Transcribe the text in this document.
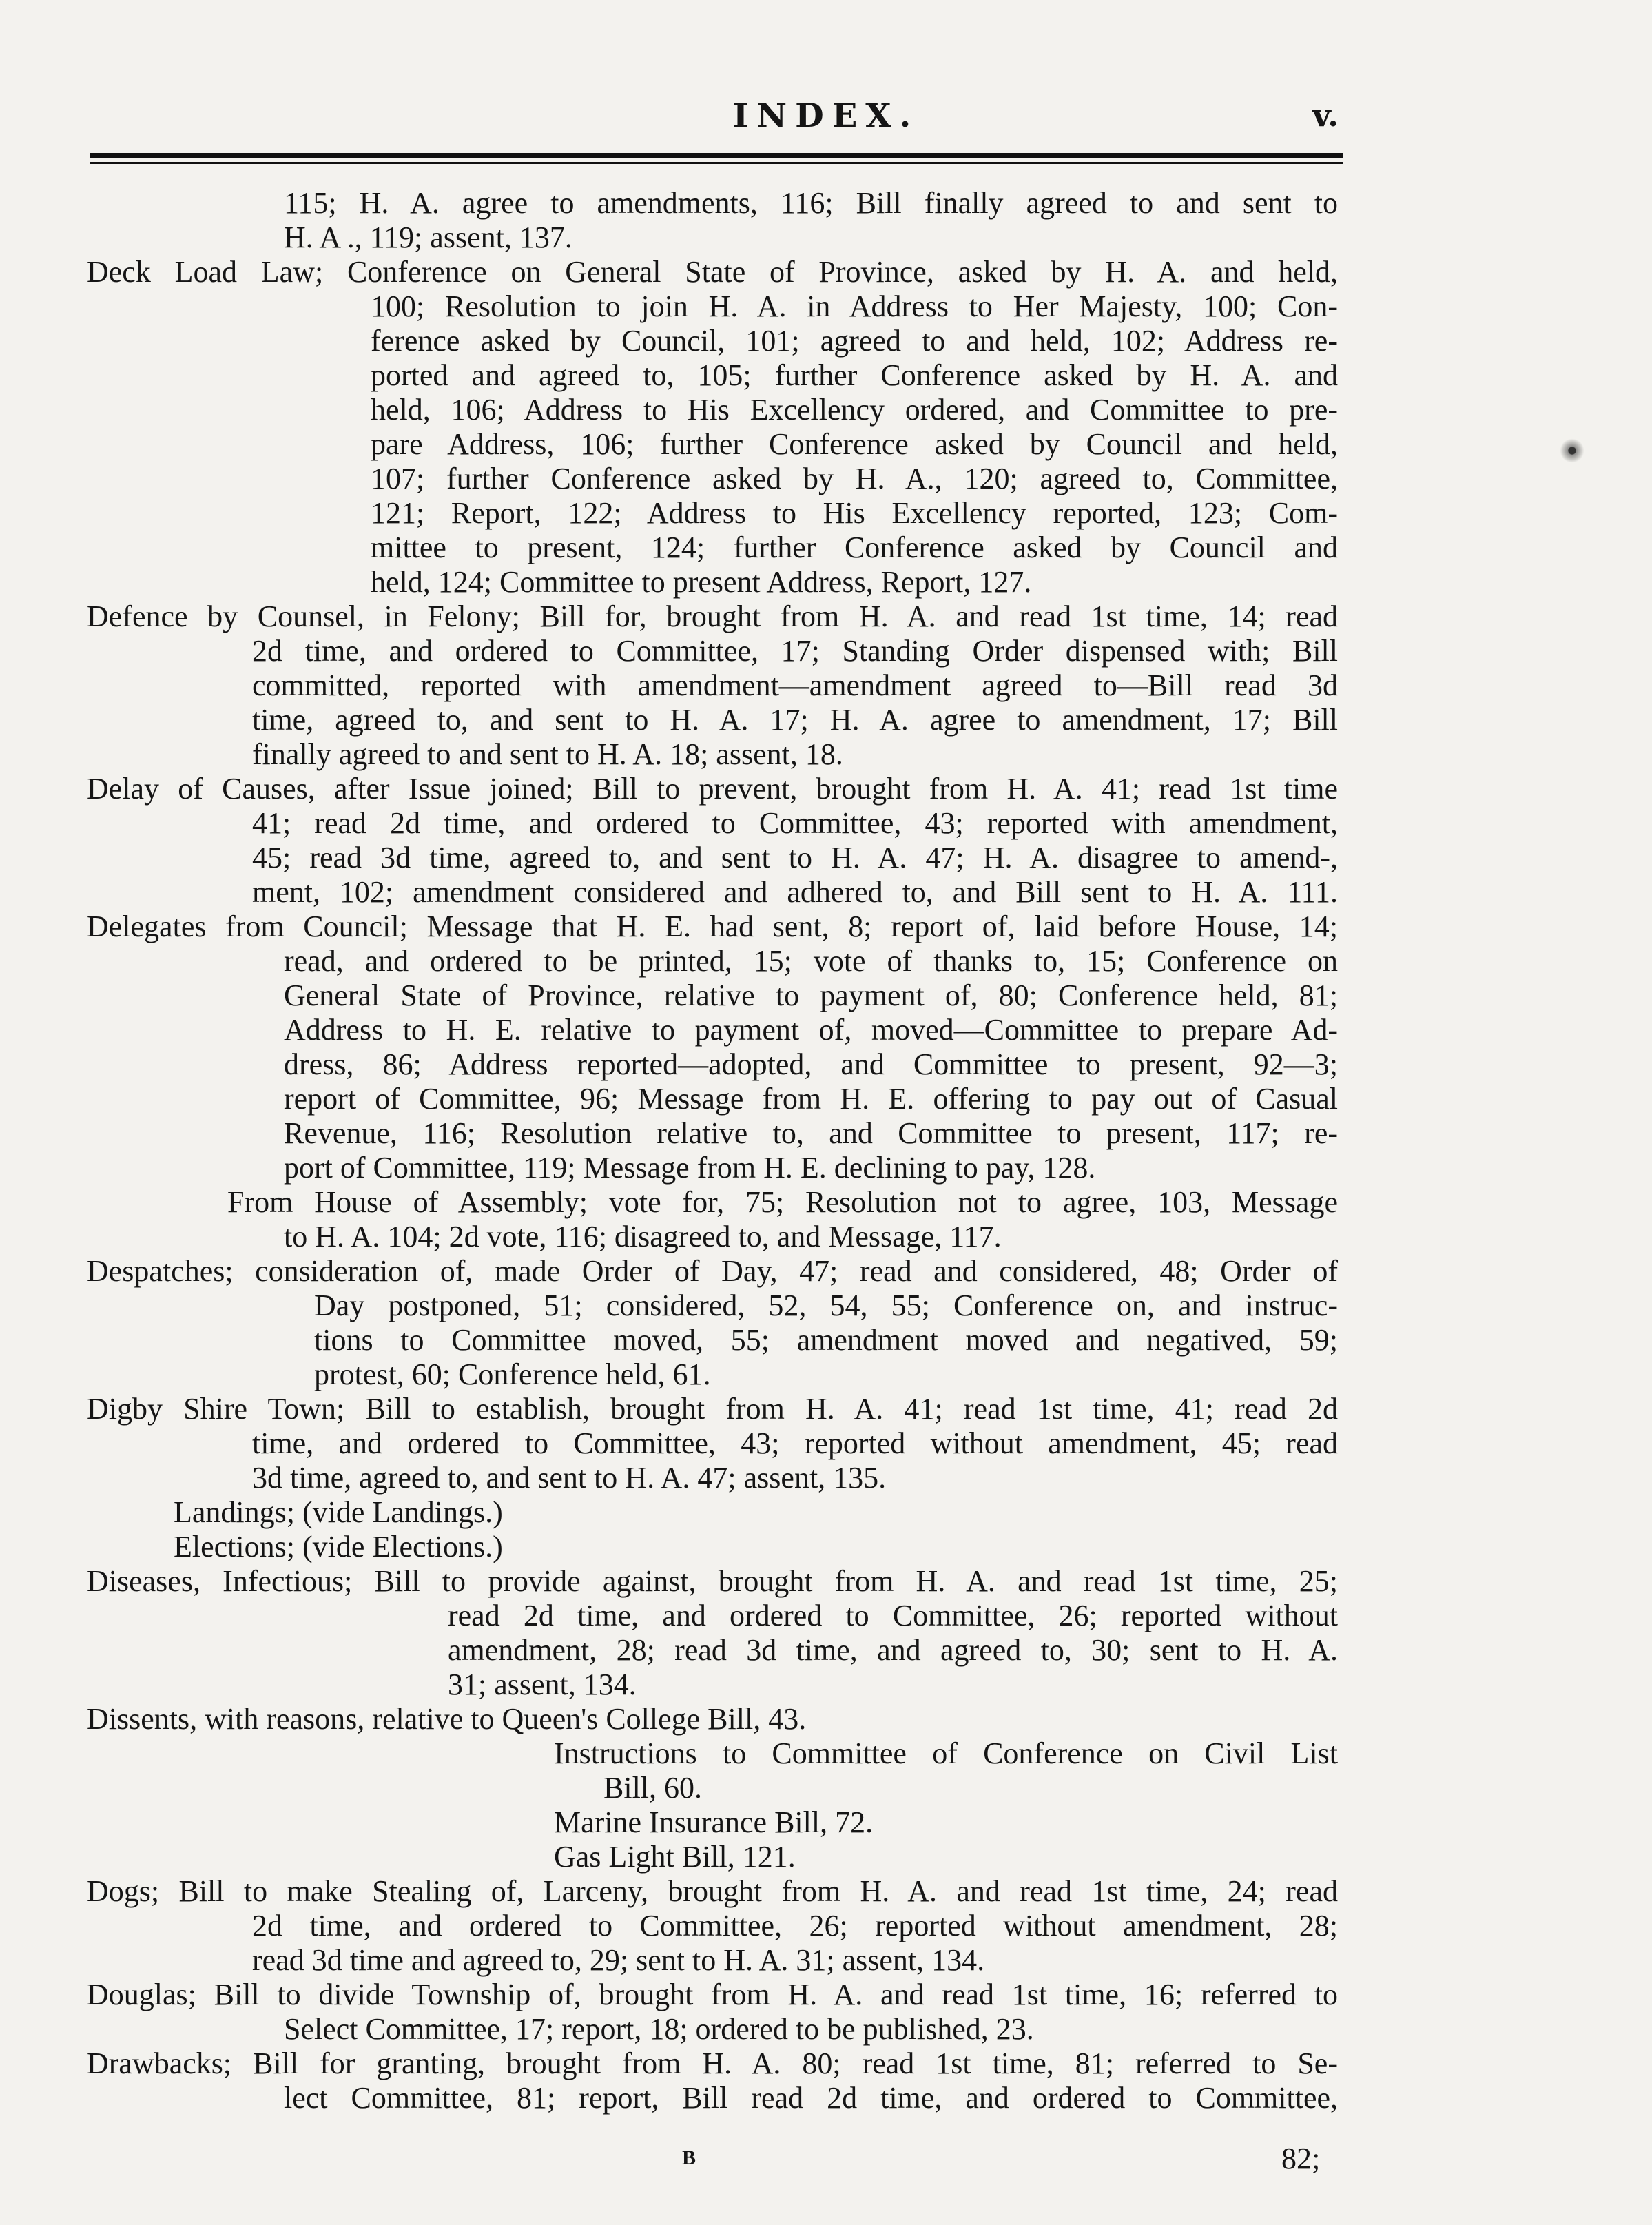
INDEX.	v.
115; H. A. agree to amendments, 116; Bill finally agreed to and sent to
H. A ., 119; assent, 137.
Deck Load Law; Conference on General State of Province, asked by H. A. and held,
100; Resolution to join H. A. in Address to Her Majesty, 100; Con-
ference asked by Council, 101; agreed to and held, 102; Address re-
ported and agreed to, 105; further Conference asked by H. A. and
held, 106; Address to His Excellency ordered, and Committee to pre-
pare Address, 106; further Conference asked by Council and held,
107; further Conference asked by H. A., 120; agreed to, Committee,
121; Report, 122; Address to His Excellency reported, 123; Com-
mittee to present, 124; further Conference asked by Council and
held, 124; Committee to present Address, Report, 127.
Defence by Counsel, in Felony; Bill for, brought from H. A. and read 1st time, 14; read
2d time, and ordered to Committee, 17; Standing Order dispensed with; Bill
committed, reported with amendment—amendment agreed to—Bill read 3d
time, agreed to, and sent to H. A. 17; H. A. agree to amendment, 17; Bill
finally agreed to and sent to H. A. 18; assent, 18.
Delay of Causes, after Issue joined; Bill to prevent, brought from H. A. 41; read 1st time
41; read 2d time, and ordered to Committee, 43; reported with amendment,
45; read 3d time, agreed to, and sent to H. A. 47; H. A. disagree to amend-,
ment, 102; amendment considered and adhered to, and Bill sent to H. A. 111.
Delegates from Council; Message that H. E. had sent, 8; report of, laid before House, 14;
read, and ordered to be printed, 15; vote of thanks to, 15; Conference on
General State of Province, relative to payment of, 80; Conference held, 81;
Address to H. E. relative to payment of, moved—Committee to prepare Ad-
dress, 86; Address reported—adopted, and Committee to present, 92—3;
report of Committee, 96; Message from H. E. offering to pay out of Casual
Revenue, 116; Resolution relative to, and Committee to present, 117; re-
port of Committee, 119; Message from H. E. declining to pay, 128.
From House of Assembly; vote for, 75; Resolution not to agree, 103, Message
to H. A. 104; 2d vote, 116; disagreed to, and Message, 117.
Despatches; consideration of, made Order of Day, 47; read and considered, 48; Order of
Day postponed, 51; considered, 52, 54, 55; Conference on, and instruc-
tions to Committee moved, 55; amendment moved and negatived, 59;
protest, 60; Conference held, 61.
Digby Shire Town; Bill to establish, brought from H. A. 41; read 1st time, 41; read 2d
time, and ordered to Committee, 43; reported without amendment, 45; read
3d time, agreed to, and sent to H. A. 47; assent, 135.
Landings; (vide Landings.)
Elections; (vide Elections.)
Diseases, Infectious; Bill to provide against, brought from H. A. and read 1st time, 25;
read 2d time, and ordered to Committee, 26; reported without
amendment, 28; read 3d time, and agreed to, 30; sent to H. A.
31; assent, 134.
Dissents, with reasons, relative to Queen's College Bill, 43.
Instructions to Committee of Conference on Civil List
Bill, 60.
Marine Insurance Bill, 72.
Gas Light Bill, 121.
Dogs; Bill to make Stealing of, Larceny, brought from H. A. and read 1st time, 24; read
2d time, and ordered to Committee, 26; reported without amendment, 28;
read 3d time and agreed to, 29; sent to H. A. 31; assent, 134.
Douglas; Bill to divide Township of, brought from H. A. and read 1st time, 16; referred to
Select Committee, 17; report, 18; ordered to be published, 23.
Drawbacks; Bill for granting, brought from H. A. 80; read 1st time, 81; referred to Se-
lect Committee, 81; report, Bill read 2d time, and ordered to Committee,
B	82;
